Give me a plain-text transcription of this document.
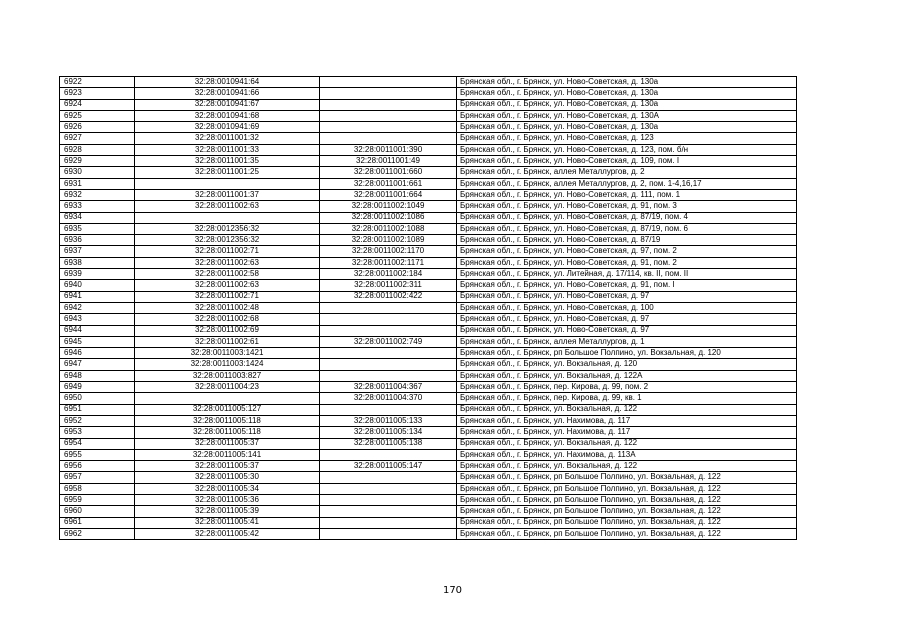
6922	32:28:0010941:64		Брянская обл., г. Брянск, ул. Ново-Советская, д. 130а
6923	32:28:0010941:66		Брянская обл., г. Брянск, ул. Ново-Советская, д. 130а
6924	32:28:0010941:67		Брянская обл., г. Брянск, ул. Ново-Советская, д. 130а
6925	32:28:0010941:68		Брянская обл., г. Брянск, ул. Ново-Советская, д. 130А
6926	32:28:0010941:69		Брянская обл., г. Брянск, ул. Ново-Советская, д. 130а
6927	32:28:0011001:32		Брянская обл., г. Брянск, ул. Ново-Советская, д. 123
6928	32:28:0011001:33	32:28:0011001:390	Брянская обл., г. Брянск, ул. Ново-Советская, д. 123, пом. б/н
6929	32:28:0011001:35	32:28:0011001:49	Брянская обл., г. Брянск, ул. Ново-Советская, д. 109, пом. I
6930	32:28:0011001:25	32:28:0011001:660	Брянская обл., г. Брянск, аллея Металлургов, д. 2
6931		32:28:0011001:661	Брянская обл., г. Брянск, аллея Металлургов, д. 2, пом. 1-4,16,17
6932	32:28:0011001:37	32:28:0011001:664	Брянская обл., г. Брянск, ул. Ново-Советская, д. 111, пом. 1
6933	32:28:0011002:63	32:28:0011002:1049	Брянская обл., г. Брянск, ул. Ново-Советская, д. 91, пом. 3
6934		32:28:0011002:1086	Брянская обл., г. Брянск, ул. Ново-Советская, д. 87/19, пом. 4
6935	32:28:0012356:32	32:28:0011002:1088	Брянская обл., г. Брянск, ул. Ново-Советская, д. 87/19, пом. 6
6936	32:28:0012356:32	32:28:0011002:1089	Брянская обл., г. Брянск, ул. Ново-Советская, д. 87/19
6937	32:28:0011002:71	32:28:0011002:1170	Брянская обл., г. Брянск, ул. Ново-Советская, д. 97, пом. 2
6938	32:28:0011002:63	32:28:0011002:1171	Брянская обл., г. Брянск, ул. Ново-Советская, д. 91, пом. 2
6939	32:28:0011002:58	32:28:0011002:184	Брянская обл., г. Брянск, ул. Литейная, д. 17/114, кв. II, пом. II
6940	32:28:0011002:63	32:28:0011002:311	Брянская обл., г. Брянск, ул. Ново-Советская, д. 91, пом. I
6941	32:28:0011002:71	32:28:0011002:422	Брянская обл., г. Брянск, ул. Ново-Советская, д. 97
6942	32:28:0011002:48		Брянская обл., г. Брянск, ул. Ново-Советская, д. 100
6943	32:28:0011002:68		Брянская обл., г. Брянск, ул. Ново-Советская, д. 97
6944	32:28:0011002:69		Брянская обл., г. Брянск, ул. Ново-Советская, д. 97
6945	32:28:0011002:61	32:28:0011002:749	Брянская обл., г. Брянск, аллея Металлургов, д. 1
6946	32:28:0011003:1421		Брянская обл., г. Брянск, рп Большое Полпино, ул. Вокзальная, д. 120
6947	32:28:0011003:1424		Брянская обл., г. Брянск, ул. Вокзальная, д. 120
6948	32:28:0011003:827		Брянская обл., г. Брянск, ул. Вокзальная, д. 122А
6949	32:28:0011004:23	32:28:0011004:367	Брянская обл., г. Брянск, пер. Кирова, д. 99, пом. 2
6950		32:28:0011004:370	Брянская обл., г. Брянск, пер. Кирова, д. 99, кв. 1
6951	32:28:0011005:127		Брянская обл., г. Брянск, ул. Вокзальная, д. 122
6952	32:28:0011005:118	32:28:0011005:133	Брянская обл., г. Брянск, ул. Нахимова, д. 117
6953	32:28:0011005:118	32:28:0011005:134	Брянская обл., г. Брянск, ул. Нахимова, д. 117
6954	32:28:0011005:37	32:28:0011005:138	Брянская обл., г. Брянск, ул. Вокзальная, д. 122
6955	32:28:0011005:141		Брянская обл., г. Брянск, ул. Нахимова, д. 113А
6956	32:28:0011005:37	32:28:0011005:147	Брянская обл., г. Брянск, ул. Вокзальная, д. 122
6957	32:28:0011005:30		Брянская обл., г. Брянск, рп Большое Полпино, ул. Вокзальная, д. 122
6958	32:28:0011005:34		Брянская обл., г. Брянск, рп Большое Полпино, ул. Вокзальная, д. 122
6959	32:28:0011005:36		Брянская обл., г. Брянск, рп Большое Полпино, ул. Вокзальная, д. 122
6960	32:28:0011005:39		Брянская обл., г. Брянск, рп Большое Полпино, ул. Вокзальная, д. 122
6961	32:28:0011005:41		Брянская обл., г. Брянск, рп Большое Полпино, ул. Вокзальная, д. 122
6962	32:28:0011005:42		Брянская обл., г. Брянск, рп Большое Полпино, ул. Вокзальная, д. 122
170
